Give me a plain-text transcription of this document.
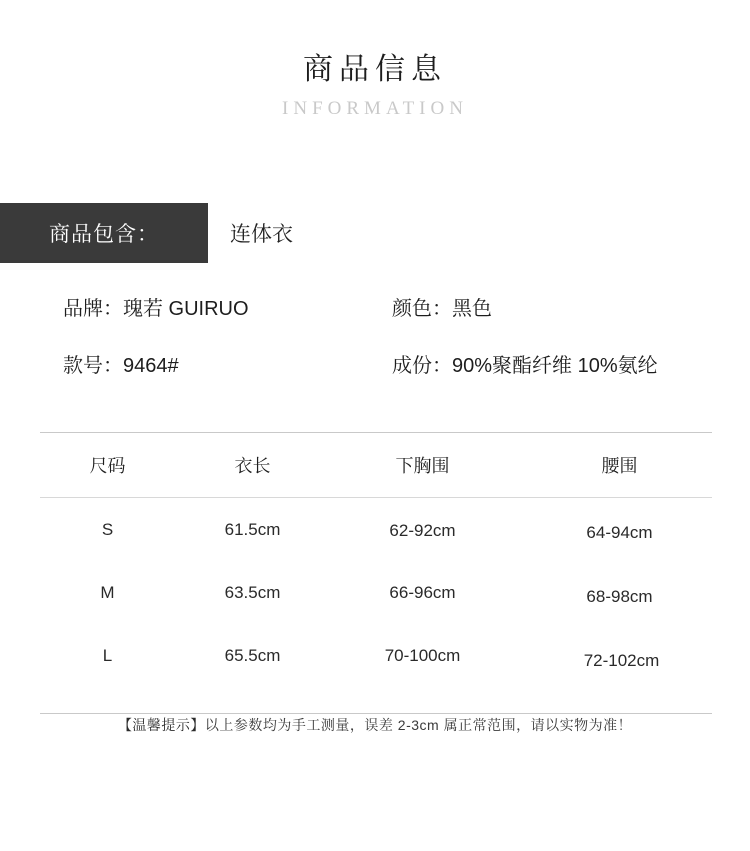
商品信息
INFORMATION
商品包含：	连体衣
品牌：瑰若 GUIRUO	颜色：黑色
款号：9464#	成份：90%聚酯纤维 10%氨纶
尺码	衣长	下胸围	腰围
S	61.5cm	62-92cm	64-94cm
M	63.5cm	66-96cm	68-98cm
L	65.5cm	70-100cm	72-102cm
【温馨提示】以上参数均为手工测量，误差 2-3cm 属正常范围，请以实物为准！
